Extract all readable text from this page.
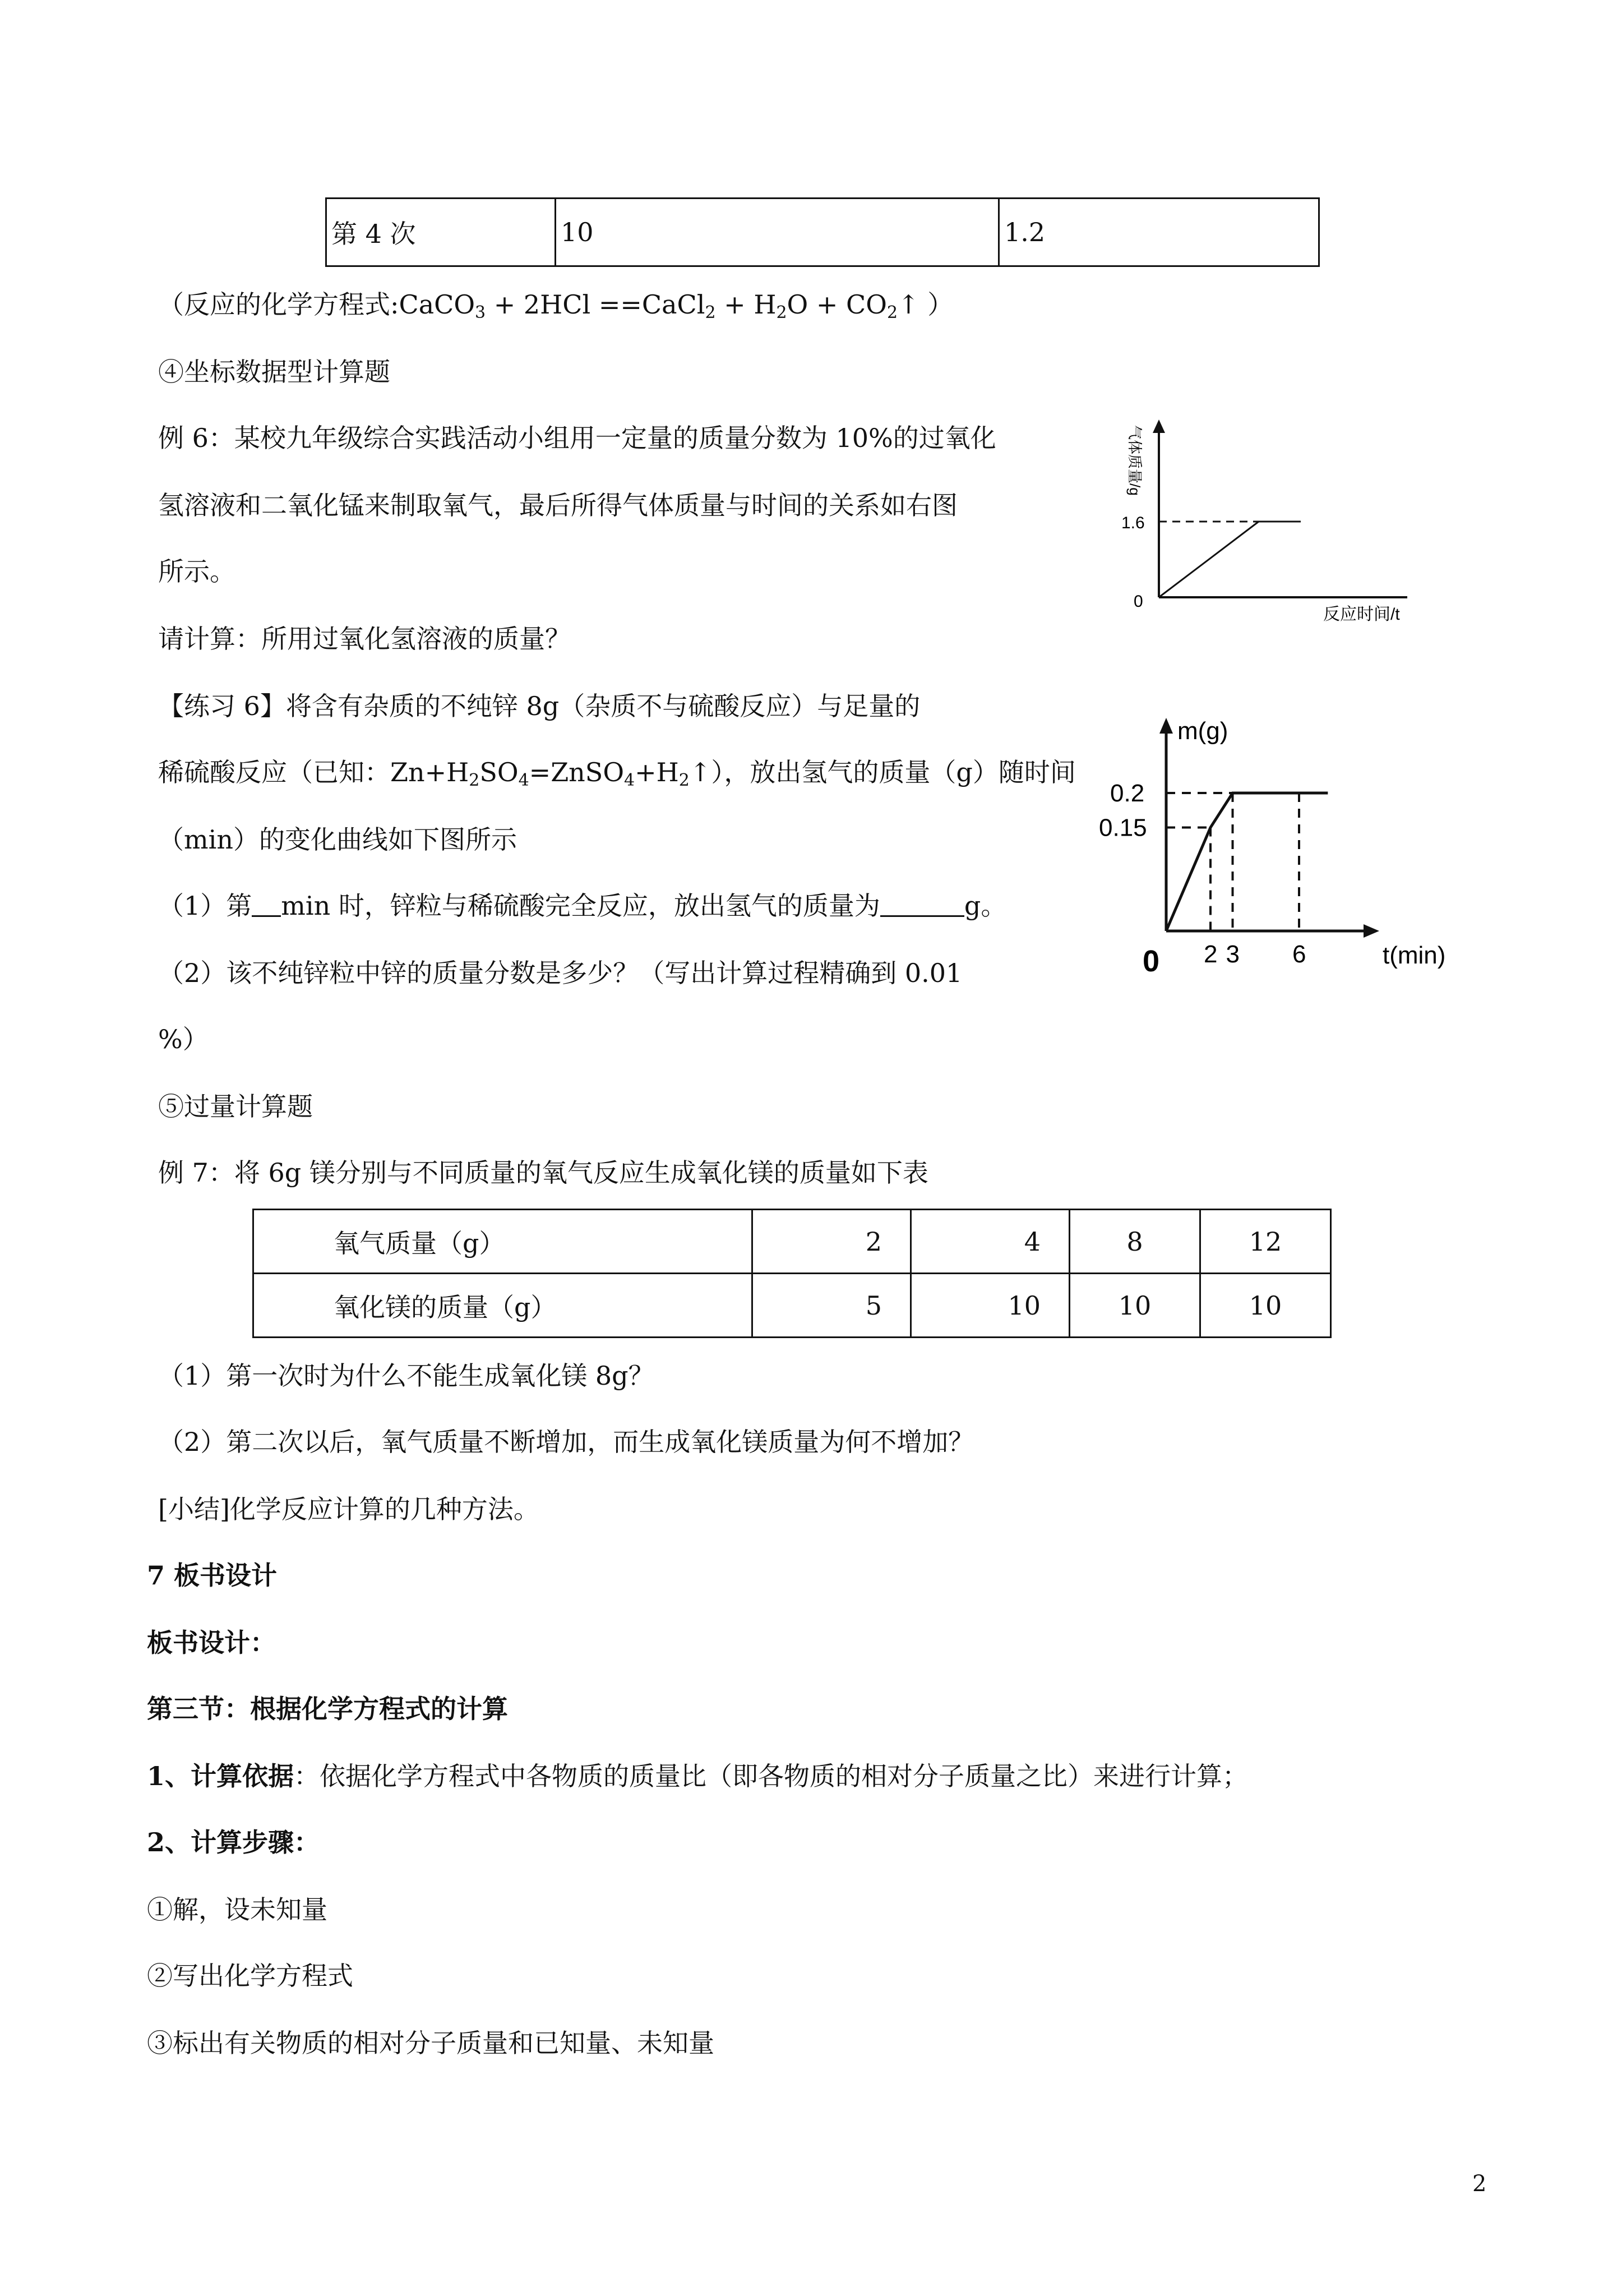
第 4 次	10	1.2
（反应的化学方程式:CaCO$_3$ + 2HCl ==CaCl$_2$ + $H_2O$ + $CO_2↑$ ）
④坐标数据型计算题
例 6：某校九年级综合实践活动小组用一定量的质量分数为 10%的过氧化
氢溶液和二氧化锰来制取氧气，最后所得气体质量与时间的关系如右图
所示。
请计算：所用过氧化氢溶液的质量？
1.6
0
气体质量/g
反应时间/t
【练习 6】将含有杂质的不纯锌 8g（杂质不与硫酸反应）与足量的
稀硫酸反应（已知：$Zn+H_2SO_4=ZnSO_4+H_2↑$），放出氢气的质量（g）随时间
（min）的变化曲线如下图所示
（1）第 min 时，锌粒与稀硫酸完全反应，放出氢气的质量为	g。
（2）该不纯锌粒中锌的质量分数是多少？（写出计算过程精确到 0.01
%）
m(g)
t(min)
0
0.15
0.2
2 3 6
⑤过量计算题
例 7：将 6g 镁分别与不同质量的氧气反应生成氧化镁的质量如下表
氧气质量（g）	2	4	8	12
氧化镁的质量（g）	5	10	10	10
（1）第一次时为什么不能生成氧化镁 8g？
（2）第二次以后，氧气质量不断增加，而生成氧化镁质量为何不增加？
[小结]化学反应计算的几种方法。
7 板书设计
板书设计：
第三节：根据化学方程式的计算
1、计算依据：依据化学方程式中各物质的质量比（即各物质的相对分子质量之比）来进行计算；
2、计算步骤：
①解，设未知量
②写出化学方程式
③标出有关物质的相对分子质量和已知量、未知量
2
